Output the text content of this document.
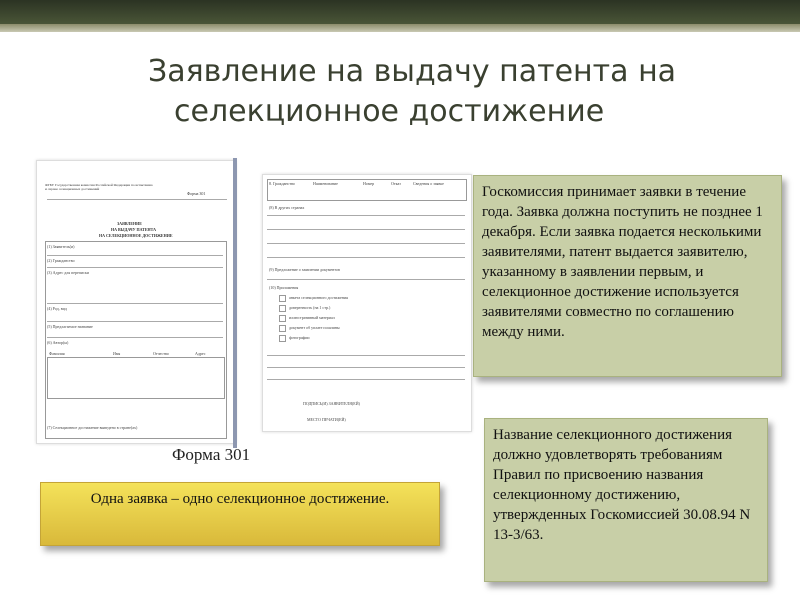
Заявление на выдачу патента на
селекционное достижение
ФГБУ Государственная комиссия Российской Федерации по испытанию и охране селекционных достижений
Форма 301
ЗАЯВЛЕНИЕ
НА ВЫДАЧУ ПАТЕНТА
НА СЕЛЕКЦИОННОЕ ДОСТИЖЕНИЕ
(1) Заявитель(и)
(2) Гражданство
(3) Адрес для переписки
(4) Род, вид
(5) Предлагаемое название
(6) Автор(ы)
Фамилия	Имя	Отчество	Адрес
(7) Селекционное достижение выведено в стране(ах)
8. Гражданство	Наименование	Номер	Отказ	Сведения о заявке
(8) В других странах
(9) Предложение о заявлении документов
(10) Приложения
анкета селекционного достижения
доверенность (на 1 стр.)
иллюстративный материал
документ об уплате пошлины
фотографии
ПОДПИСЬ(И) ЗАЯВИТЕЛЯ(ЕЙ)
МЕСТО ПЕЧАТИ(ЕЙ)
Форма 301
Одна заявка – одно селекционное достижение.
Госкомиссия принимает заявки в течение года. Заявка должна поступить не позднее 1 декабря. Если заявка подается несколькими заявителями, патент выдается заявителю, указанному в заявлении первым, и селекционное достижение используется заявителями совместно по соглашению между ними.
Название селекционного достижения должно удовлетворять требованиям Правил по присвоению названия селекционному достижению, утвержденных Госкомиссией 30.08.94 N 13-3/63.
